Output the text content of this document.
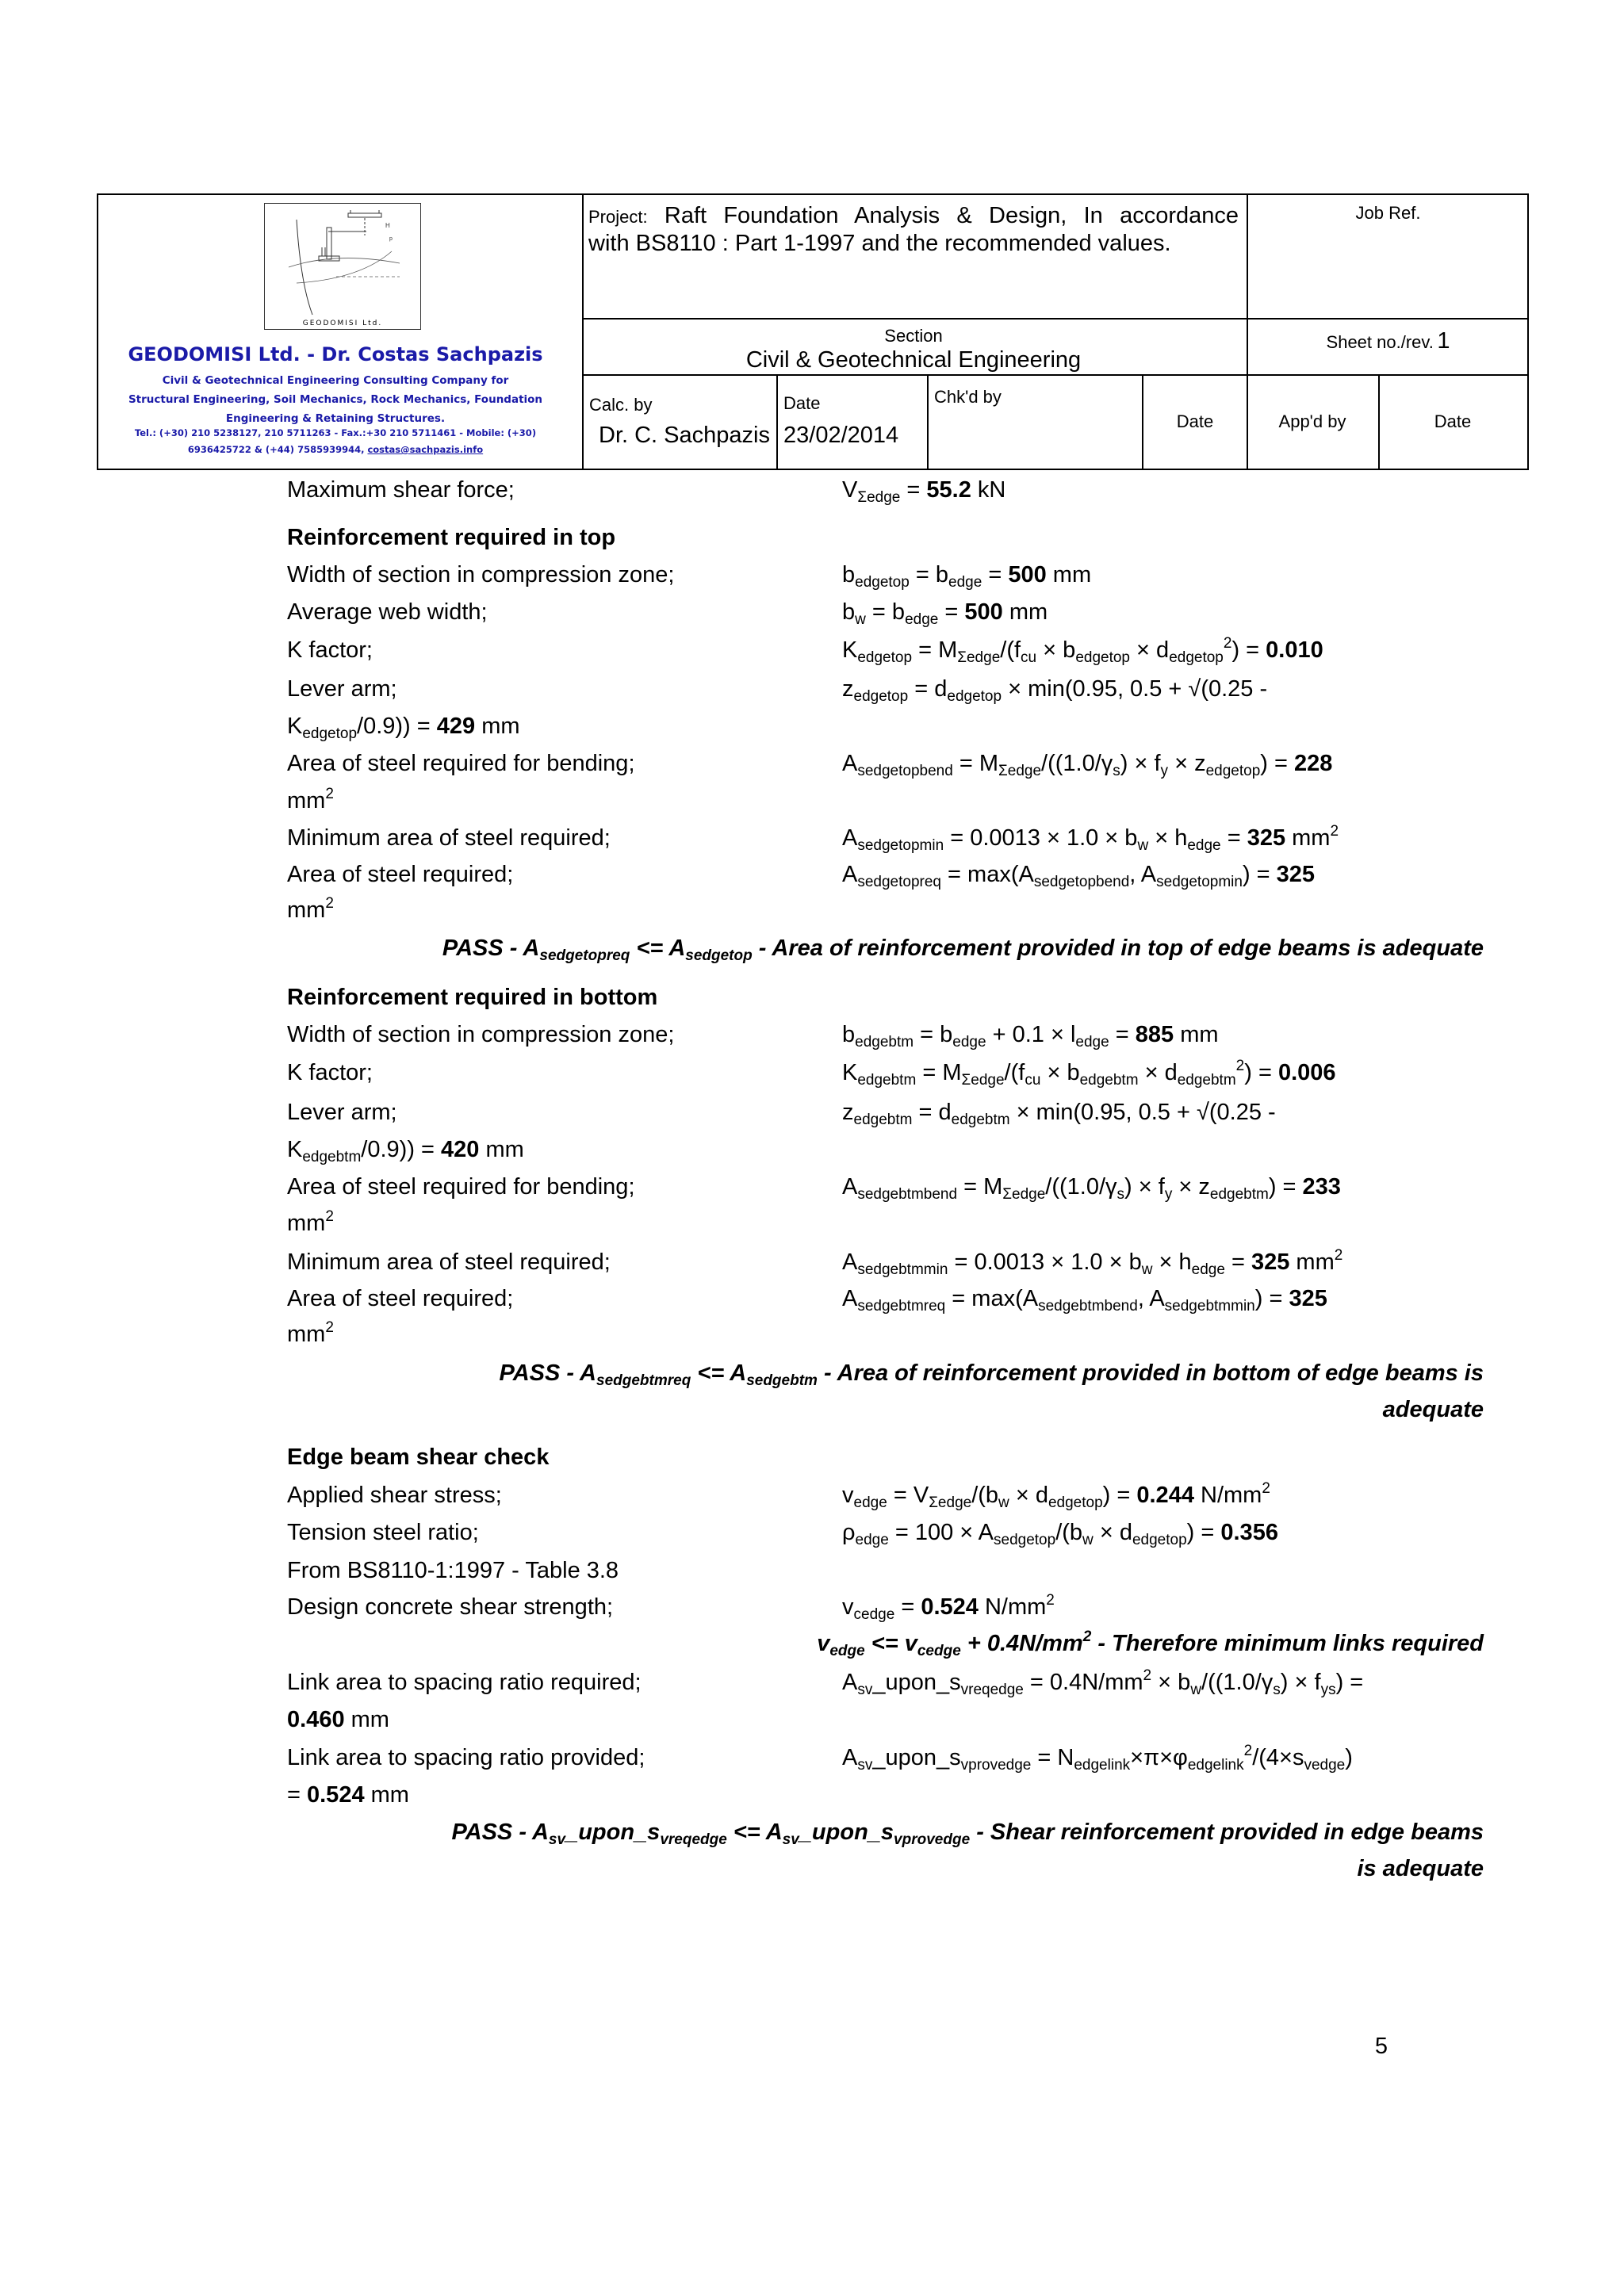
H
p
GEODOMISI Ltd.
GEODOMISI Ltd. - Dr. Costas Sachpazis
Civil & Geotechnical Engineering Consulting Company for
Structural Engineering, Soil Mechanics, Rock Mechanics, Foundation
Engineering & Retaining Structures.
Tel.: (+30) 210 5238127, 210 5711263 - Fax.:+30 210 5711461 - Mobile: (+30)
6936425722 & (+44) 7585939944, costas@sachpazis.info
Project: Raft Foundation Analysis & Design, In accordance
with BS8110 : Part 1-1997 and the recommended values.
Job Ref.
Section
Civil & Geotechnical Engineering
Sheet no./rev. 1
Calc. by
Dr. C. Sachpazis
Date
23/02/2014
Chk'd by
Date	App'd by	Date
Maximum shear force;	$V_{\Sigma edge} = 55.2$ kN
Reinforcement required in top
Width of section in compression zone;	$b_{edgetop} = b_{edge} = 500$ mm
Average web width;	$b_w = b_{edge} = 500$ mm
K factor;	$K_{edgetop} = M_{\Sigma edge}/(f_{cu} \times b_{edgetop} \times d_{edgetop}^2) = 0.010$
Lever arm;	$z_{edgetop} = d_{edgetop} \times \min(0.95$, 0.5 + √(0.25 -
$K_{edgetop}/0.9)) = 429$ mm
Area of steel required for bending;	$A_{sedgetopbend} = M_{\Sigma edge}/((1.0/\gamma_s) \times f_y \times z_{edgetop}) = 228$
$mm^2$
Minimum area of steel required;	$A_{sedgetopmin} = 0.0013 \times 1.0 \times b_w \times h_{edge} = 325$ $mm^2$
Area of steel required;	$A_{sedgetopreq} = \max(A_{sedgetopbend}$, $A_{sedgetopmin}) = 325$
$mm^2$
PASS - $A_{sedgetopreq} <= A_{sedgetop}$ - Area of reinforcement provided in top of edge beams is adequate
Reinforcement required in bottom
Width of section in compression zone;	$b_{edgebtm} = b_{edge} + 0.1 \times l_{edge} = 885$ mm
K factor;	$K_{edgebtm} = M_{\Sigma edge}/(f_{cu} \times b_{edgebtm} \times d_{edgebtm}^2) = 0.006$
Lever arm;	$z_{edgebtm} = d_{edgebtm} \times \min(0.95$, 0.5 + √(0.25 -
$K_{edgebtm}/0.9)) = 420$ mm
Area of steel required for bending;	$A_{sedgebtmbend} = M_{\Sigma edge}/((1.0/\gamma_s) \times f_y \times z_{edgebtm}) = 233$
$mm^2$
Minimum area of steel required;	$A_{sedgebtmmin} = 0.0013 \times 1.0 \times b_w \times h_{edge} = 325$ $mm^2$
Area of steel required;	$A_{sedgebtmreq} = \max(A_{sedgebtmbend}$, $A_{sedgebtmmin}) = 325$
$mm^2$
PASS - $A_{sedgebtmreq} <= A_{sedgebtm}$ - Area of reinforcement provided in bottom of edge beams is
adequate
Edge beam shear check
Applied shear stress;	$v_{edge} = V_{\Sigma edge}/(b_w \times d_{edgetop}) = 0.244$ $N/mm^2$
Tension steel ratio;	$\rho_{edge} = 100 \times A_{sedgetop}/(b_w \times d_{edgetop}) = 0.356$
From BS8110-1:1997 - Table 3.8
Design concrete shear strength;	$v_{cedge} = 0.524$ $N/mm^2$
$v_{edge} <= v_{cedge} + 0.4N/mm^2$ - Therefore minimum links required
Link area to spacing ratio required;	$A_{sv}\_upon\_s_{vreqedge} = 0.4N/mm^2 \times b_w/((1.0/\gamma_s) \times f_{ys})$ =
0.460 mm
Link area to spacing ratio provided;	$A_{sv}\_upon\_s_{vprovedge} = N_{edgelink}\times\pi\times\varphi_{edgelink}^2/(4\times s_{vedge})$
= 0.524 mm
PASS - $A_{sv}\_upon\_s_{vreqedge}$ <= $A_{sv}\_upon\_s_{vprovedge}$ - Shear reinforcement provided in edge beams
is adequate
5
